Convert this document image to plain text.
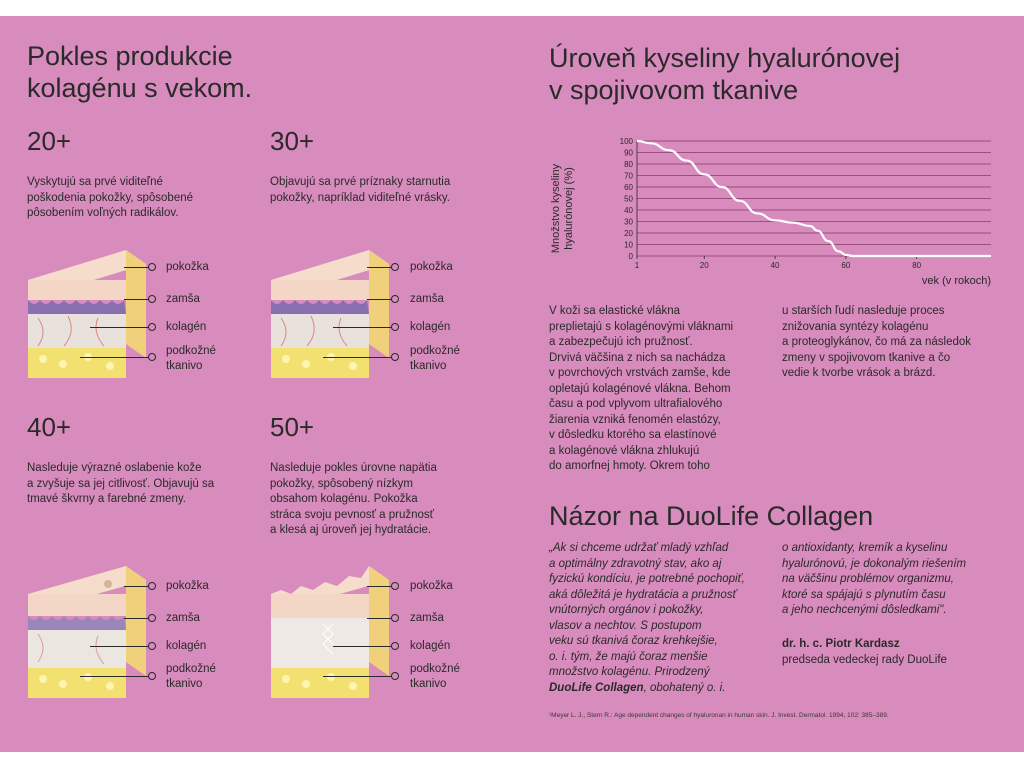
Pokles produkcie
kolagénu s vekom.
20+
Vyskytujú sa prvé viditeľné
poškodenia pokožky, spôsobené
pôsobením voľných radikálov.
30+
Objavujú sa prvé príznaky starnutia
pokožky, napríklad viditeľné vrásky.
40+
Nasleduje výrazné oslabenie kože
a zvyšuje sa jej citlivosť. Objavujú sa
tmavé škvrny a farebné zmeny.
50+
Nasleduje pokles úrovne napätia
pokožky, spôsobený nízkym
obsahom kolagénu. Pokožka
stráca svoju pevnosť a pružnosť
a klesá aj úroveň jej hydratácie.
pokožka
zamša
kolagén
podkožné
tkanivo
pokožka
zamša
kolagén
podkožné
tkanivo
pokožka
zamša
kolagén
podkožné
tkanivo
pokožka
zamša
kolagén
podkožné
tkanivo
Úroveň kyseliny hyalurónovej
v spojivovom tkanive
0
10
20
30
40
50
60
70
80
90
100
1	20	40	60	80
vek (v rokoch)
Množstvo kyselinyhyalurónovej (%)
V koži sa elastické vlákna
preplietajú s kolagénovými vláknami
a zabezpečujú ich pružnosť.
Drvivá väčšina z nich sa nachádza
v povrchových vrstvách zamše, kde
opletajú kolagénové vlákna. Behom
času a pod vplyvom ultrafialového
žiarenia vzniká fenomén elastózy,
v dôsledku ktorého sa elastínové
a kolagénové vlákna zhlukujú
do amorfnej hmoty. Okrem toho
u starších ľudí nasleduje proces
znižovania syntézy kolagénu
a proteoglykánov, čo má za následok
zmeny v spojivovom tkanive a čo
vedie k tvorbe vrások a brázd.
Názor na DuoLife Collagen
„Ak si chceme udržať mladý vzhľad
a optimálny zdravotný stav, ako aj
fyzickú kondíciu, je potrebné pochopiť,
aká dôležitá je hydratácia a pružnosť
vnútorných orgánov i pokožky,
vlasov a nechtov. S postupom
veku sú tkanivá čoraz krehkejšie,
o. i. tým, že majú čoraz menšie
množstvo kolagénu. Prirodzený
DuoLife Collagen, obohatený o. i.
o antioxidanty, kremík a kyselinu
hyalurónovú, je dokonalým riešením
na väčšinu problémov organizmu,
ktoré sa spájajú s plynutím času
a jeho nechcenými dôsledkami".
dr. h. c. Piotr Kardasz
predseda vedeckej rady DuoLife
¹Meyer L. J., Stern R.: Age dependent changes of hyaluronan in human skin. J. Invest. Dermatol. 1994, 102: 385–389.
